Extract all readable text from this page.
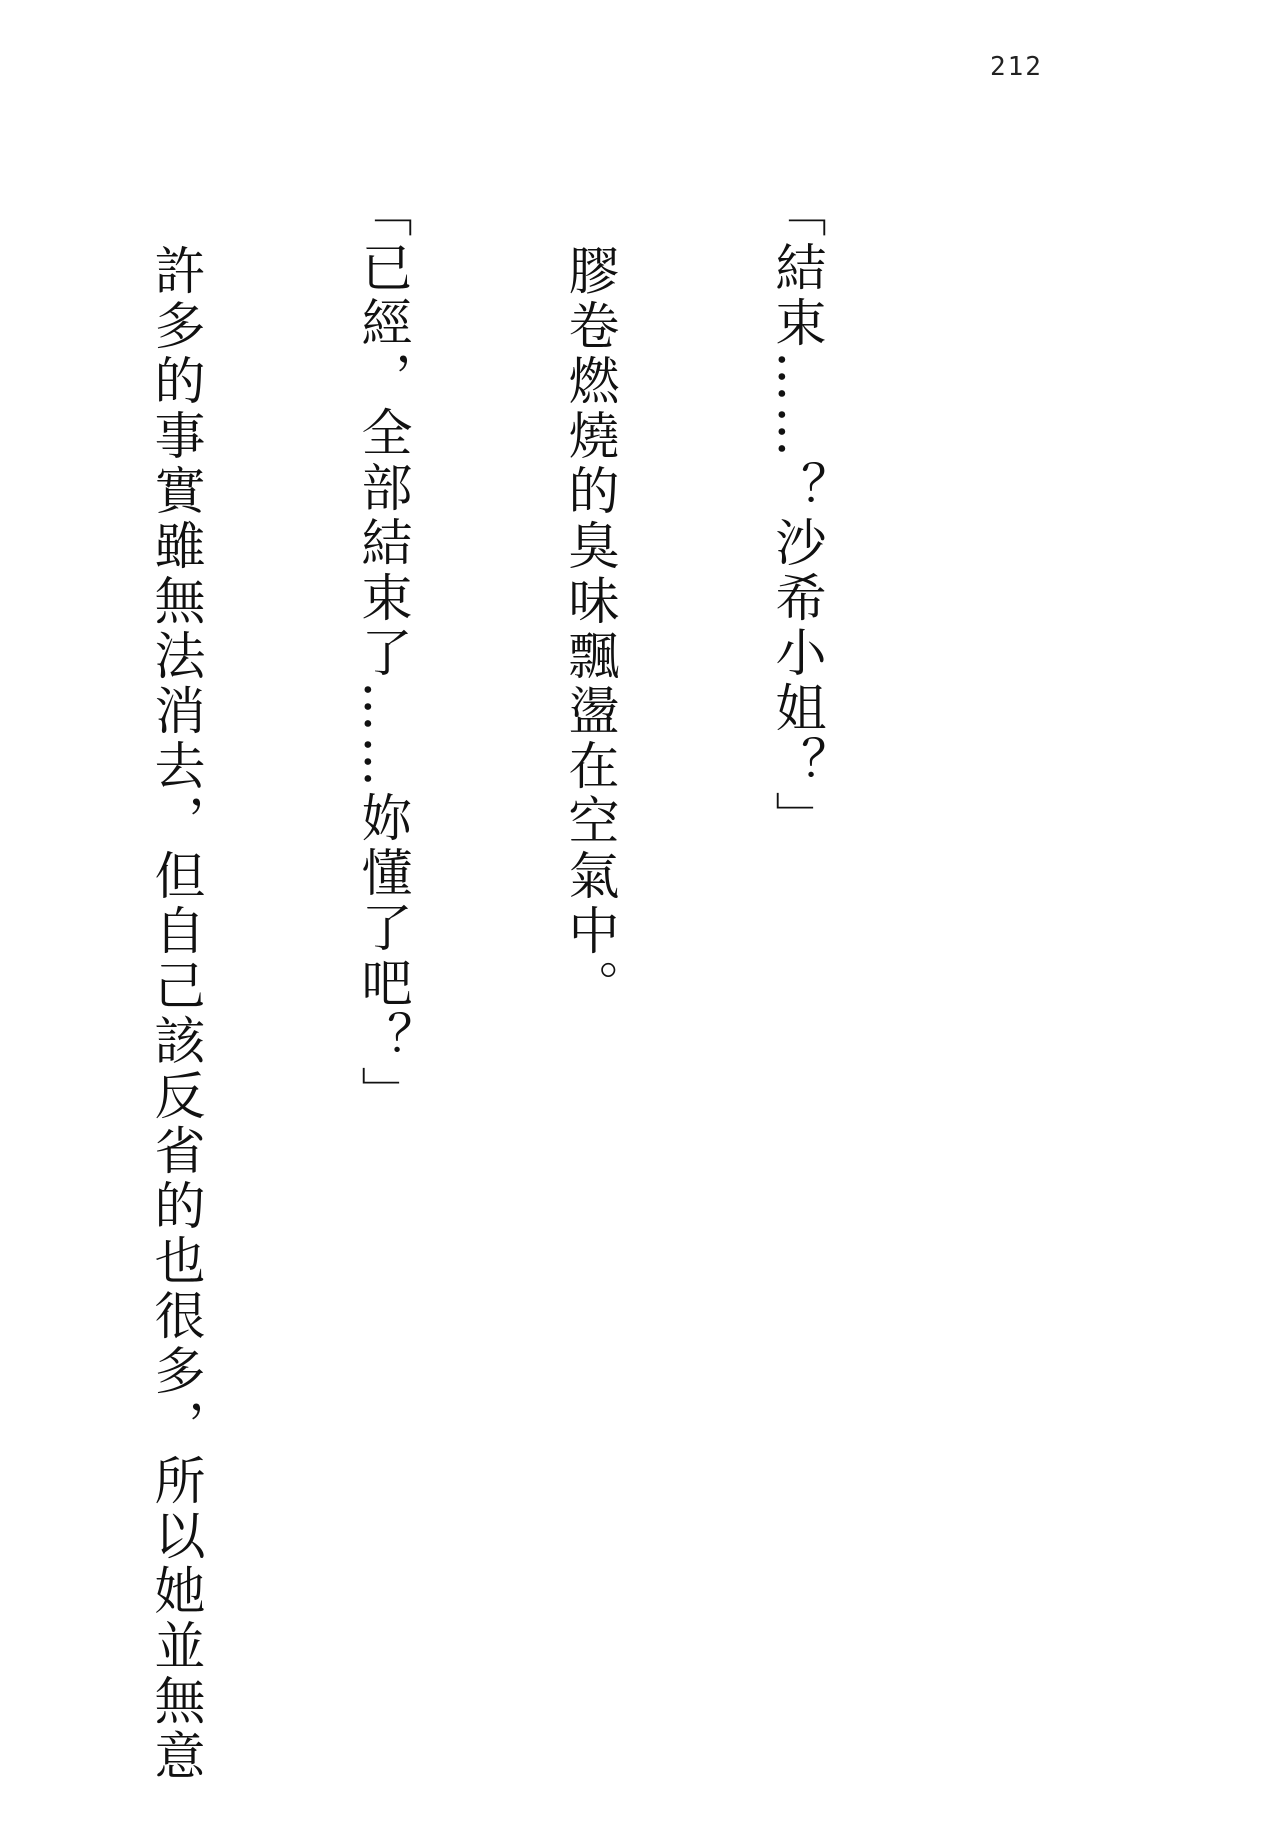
212

「結束……？沙希小姐？」

膠卷燃燒的臭味飄盪在空氣中。

「已經，全部結束了……妳懂了吧？」

許多的事實雖無法消去，但自己該反省的也很多，所以她並無意
